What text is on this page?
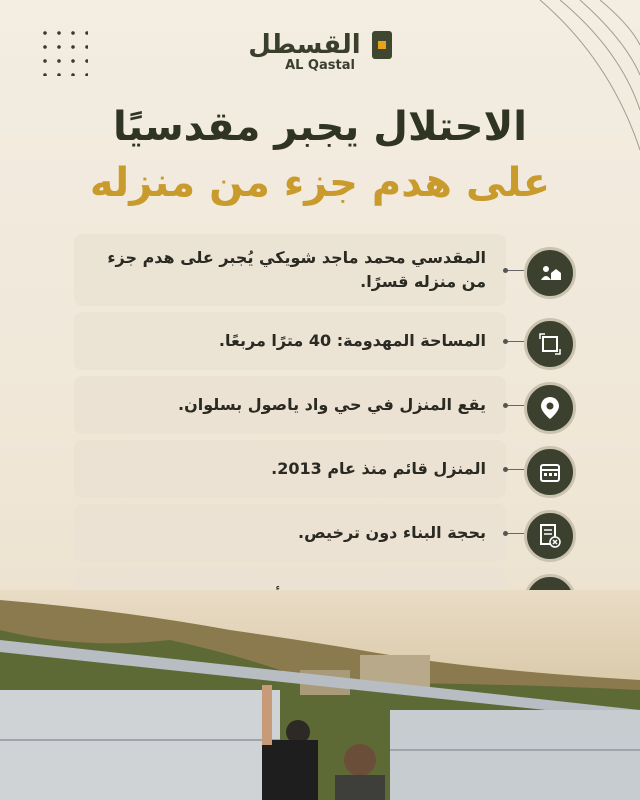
القسطل
AL Qastal
الاحتلال يجبر مقدسيًا
على هدم جزء من منزله
المقدسي محمد ماجد شويكي يُجبر على هدم جزء من منزله قسرًا.
المساحة المهدومة: 40 مترًا مربعًا.
يقع المنزل في حي واد ياصول بسلوان.
المنزل قائم منذ عام 2013.
بحجة البناء دون ترخيص.
